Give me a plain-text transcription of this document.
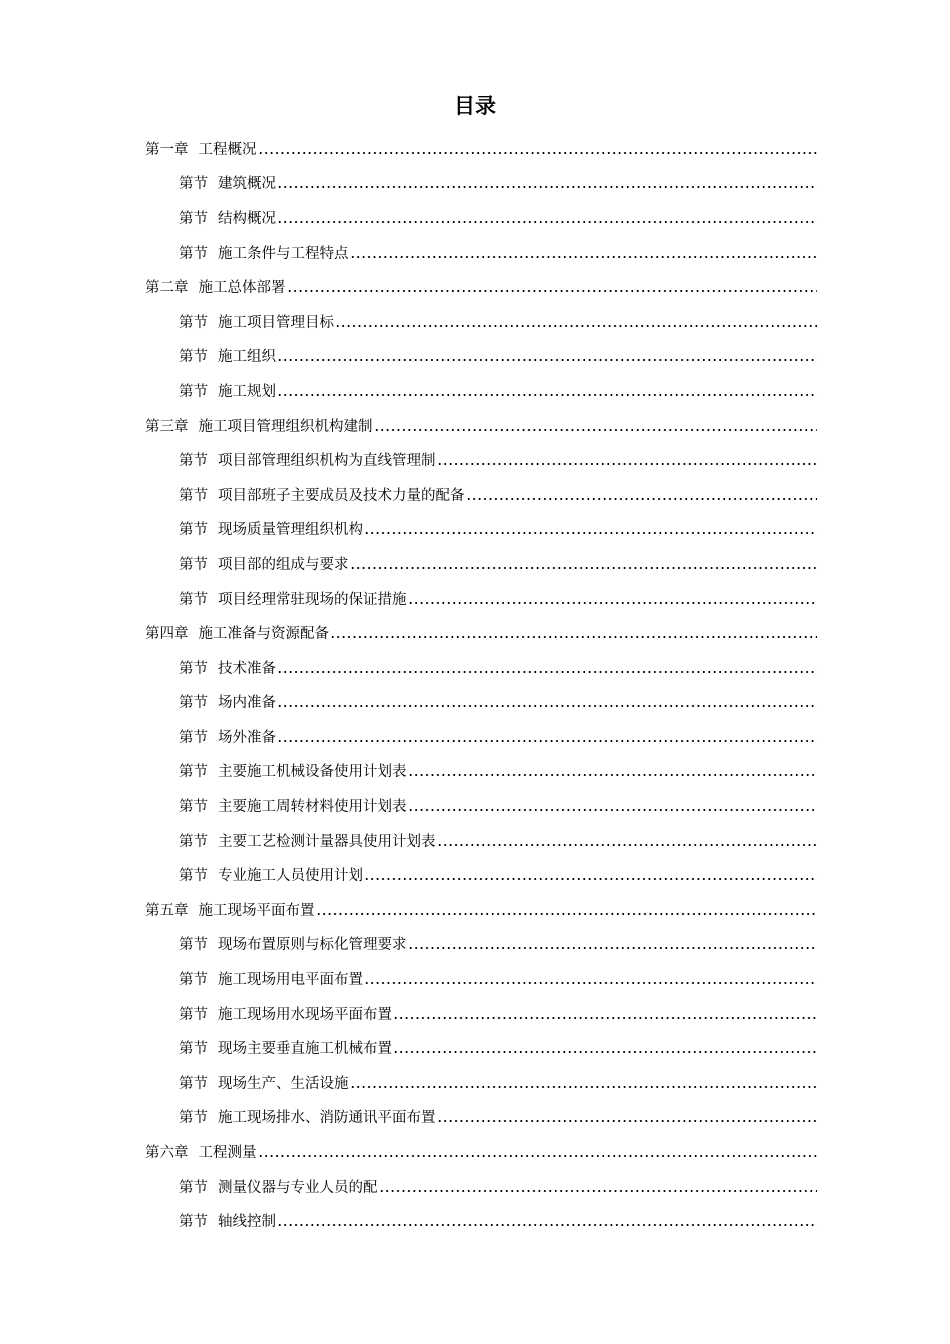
目录
第一章 工程概况
第节 建筑概况
第节 结构概况
第节 施工条件与工程特点
第二章 施工总体部署
第节 施工项目管理目标
第节 施工组织
第节 施工规划
第三章 施工项目管理组织机构建制
第节 项目部管理组织机构为直线管理制
第节 项目部班子主要成员及技术力量的配备
第节 现场质量管理组织机构
第节 项目部的组成与要求
第节 项目经理常驻现场的保证措施
第四章 施工准备与资源配备
第节 技术准备
第节 场内准备
第节 场外准备
第节 主要施工机械设备使用计划表
第节 主要施工周转材料使用计划表
第节 主要工艺检测计量器具使用计划表
第节 专业施工人员使用计划
第五章 施工现场平面布置
第节 现场布置原则与标化管理要求
第节 施工现场用电平面布置
第节 施工现场用水现场平面布置
第节 现场主要垂直施工机械布置
第节 现场生产、生活设施
第节 施工现场排水、消防通讯平面布置
第六章 工程测量
第节 测量仪器与专业人员的配
第节 轴线控制
